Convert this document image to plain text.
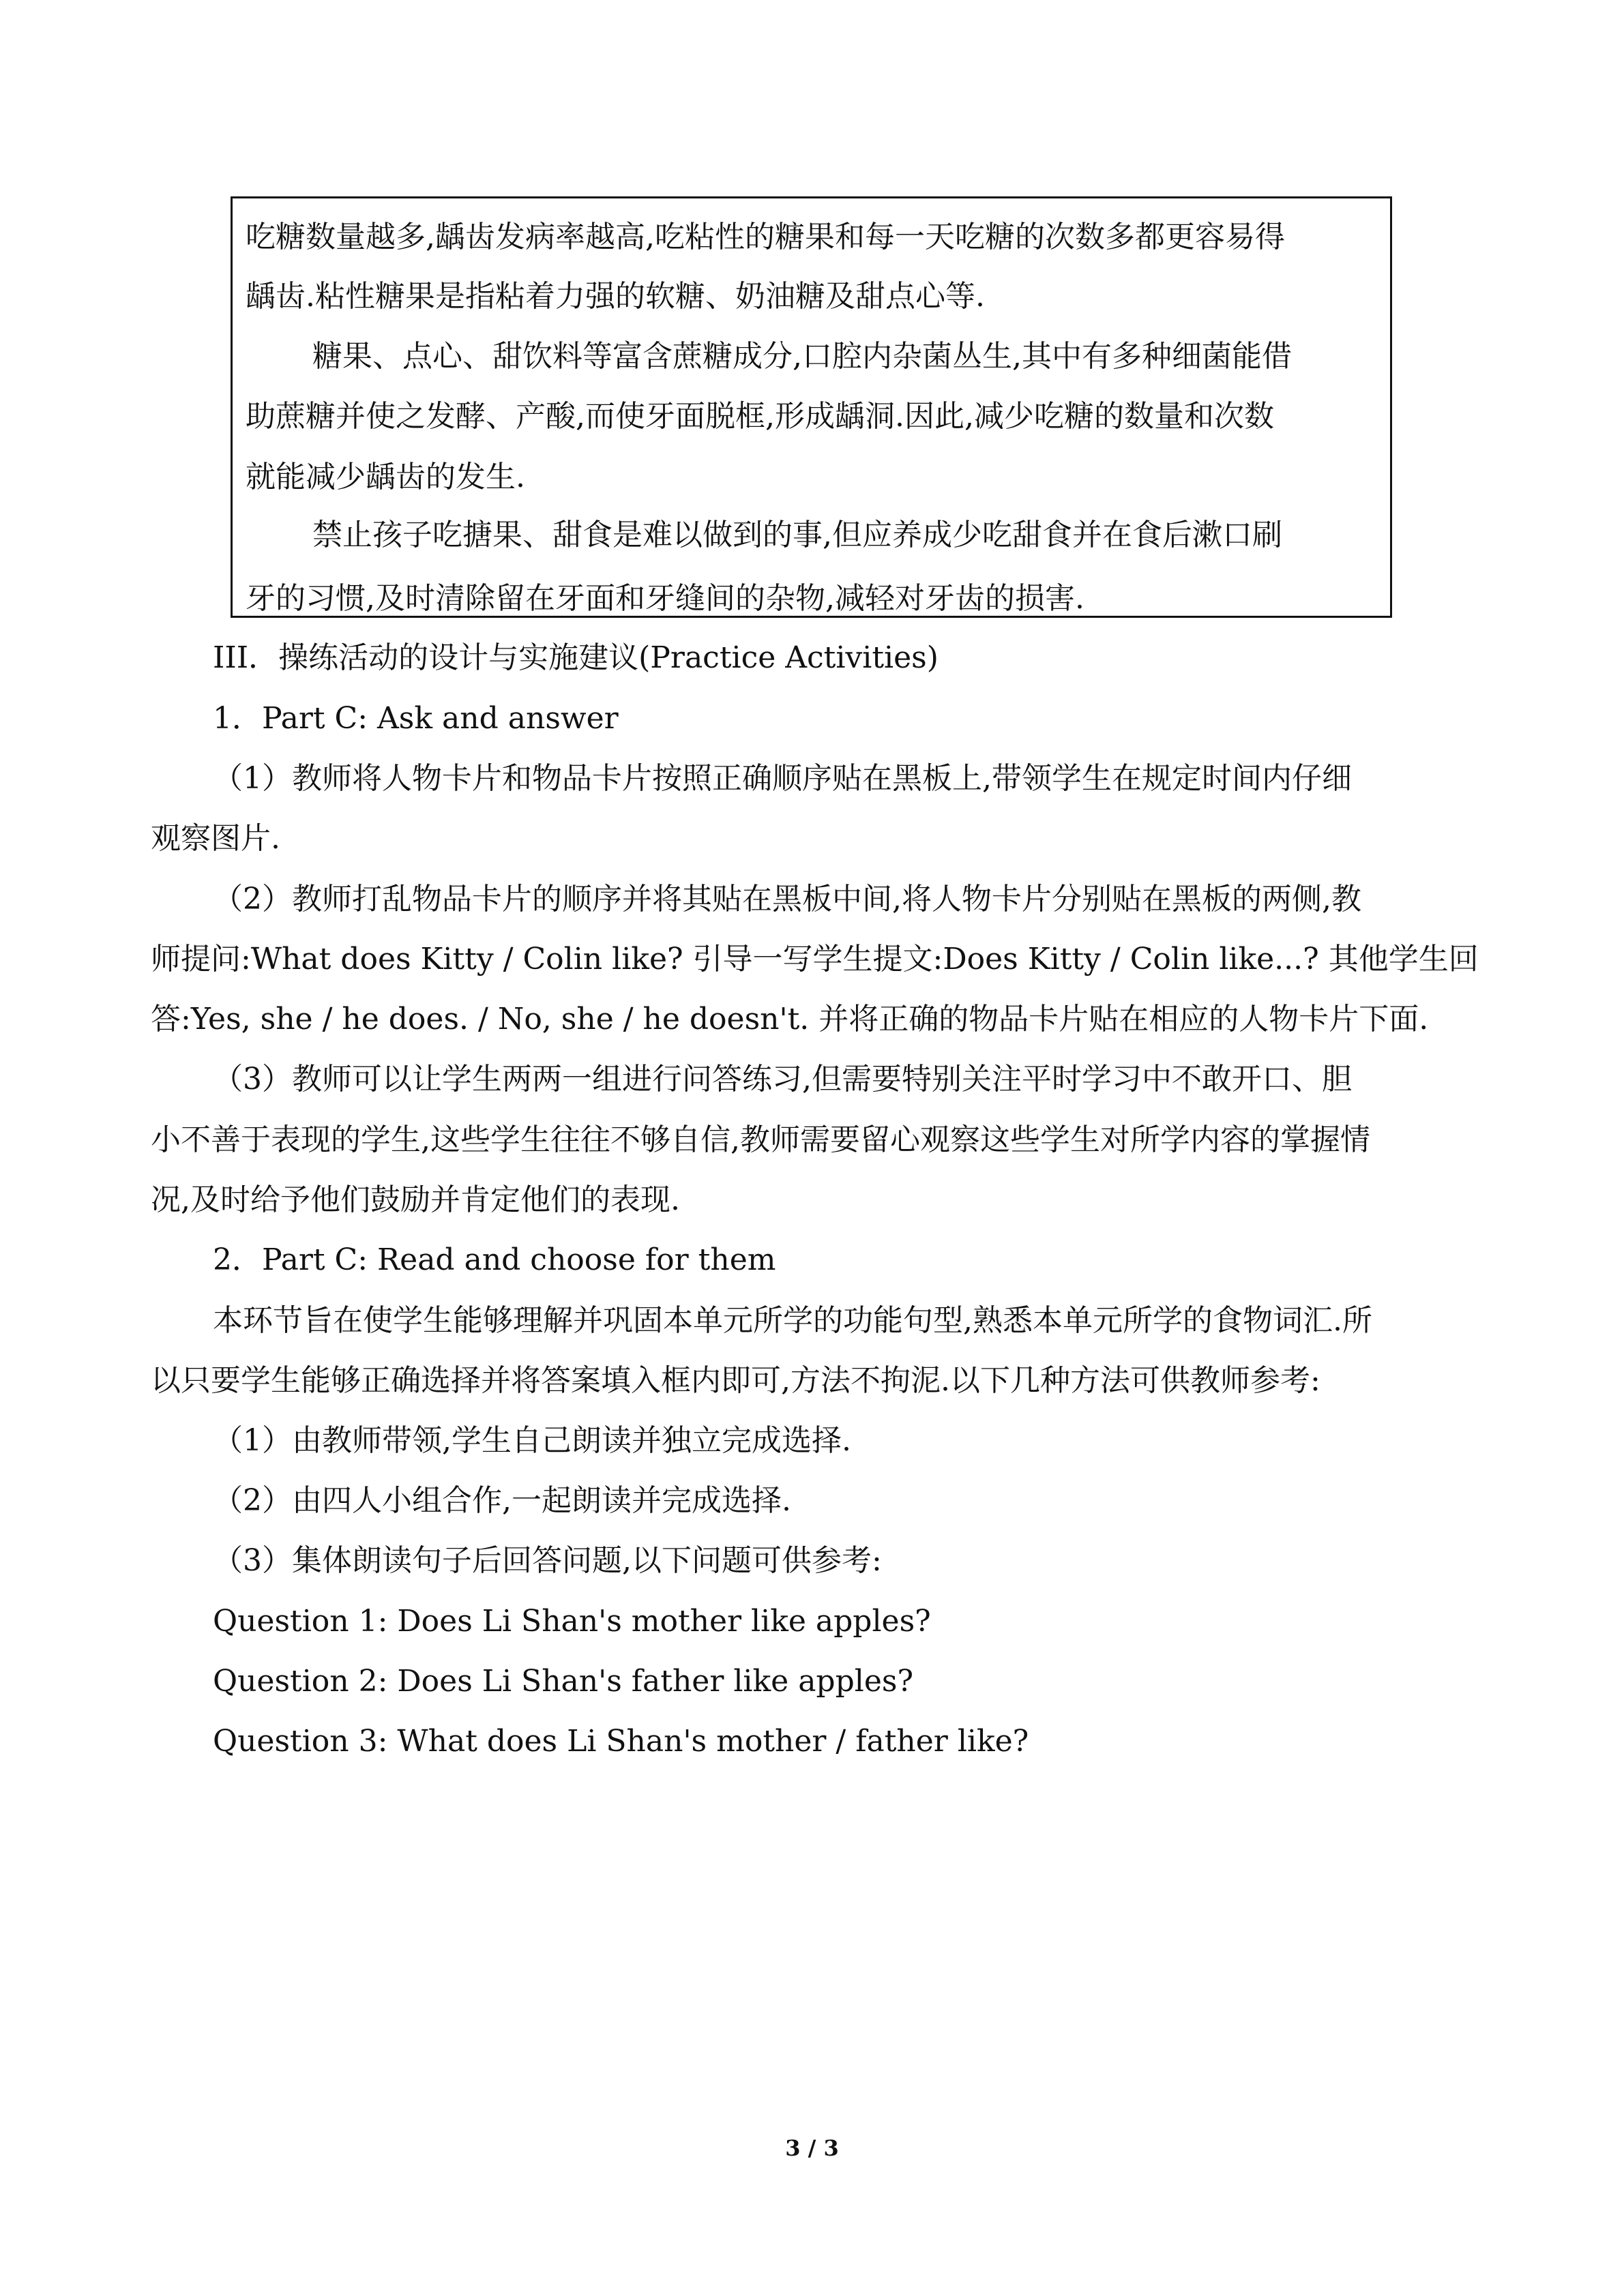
吃糖数量越多,龋齿发病率越高,吃粘性的糖果和每一天吃糖的次数多都更容易得
龋齿.粘性糖果是指粘着力强的软糖、奶油糖及甜点心等.
糖果、点心、甜饮料等富含蔗糖成分,口腔内杂菌丛生,其中有多种细菌能借
助蔗糖并使之发酵、产酸,而使牙面脱框,形成龋洞.因此,减少吃糖的数量和次数
就能减少龋齿的发生.
禁止孩子吃搪果、甜食是难以做到的事,但应养成少吃甜食并在食后漱口刷
牙的习惯,及时清除留在牙面和牙缝间的杂物,减轻对牙齿的损害.
III．操练活动的设计与实施建议(Practice Activities)
1．Part C: Ask and answer
（1）教师将人物卡片和物品卡片按照正确顺序贴在黑板上,带领学生在规定时间内仔细
观察图片.
（2）教师打乱物品卡片的顺序并将其贴在黑板中间,将人物卡片分别贴在黑板的两侧,教
师提问:What does Kitty / Colin like? 引导一写学生提文:Does Kitty / Colin like...? 其他学生回
答:Yes, she / he does. / No, she / he doesn't. 并将正确的物品卡片贴在相应的人物卡片下面.
（3）教师可以让学生两两一组进行问答练习,但需要特别关注平时学习中不敢开口、胆
小不善于表现的学生,这些学生往往不够自信,教师需要留心观察这些学生对所学内容的掌握情
况,及时给予他们鼓励并肯定他们的表现.
2．Part C: Read and choose for them
本环节旨在使学生能够理解并巩固本单元所学的功能句型,熟悉本单元所学的食物词汇.所
以只要学生能够正确选择并将答案填入框内即可,方法不拘泥.以下几种方法可供教师参考:
（1）由教师带领,学生自己朗读并独立完成选择.
（2）由四人小组合作,一起朗读并完成选择.
（3）集体朗读句子后回答问题,以下问题可供参考:
Question 1: Does Li Shan's mother like apples?
Question 2: Does Li Shan's father like apples?
Question 3: What does Li Shan's mother / father like?
3 / 3
